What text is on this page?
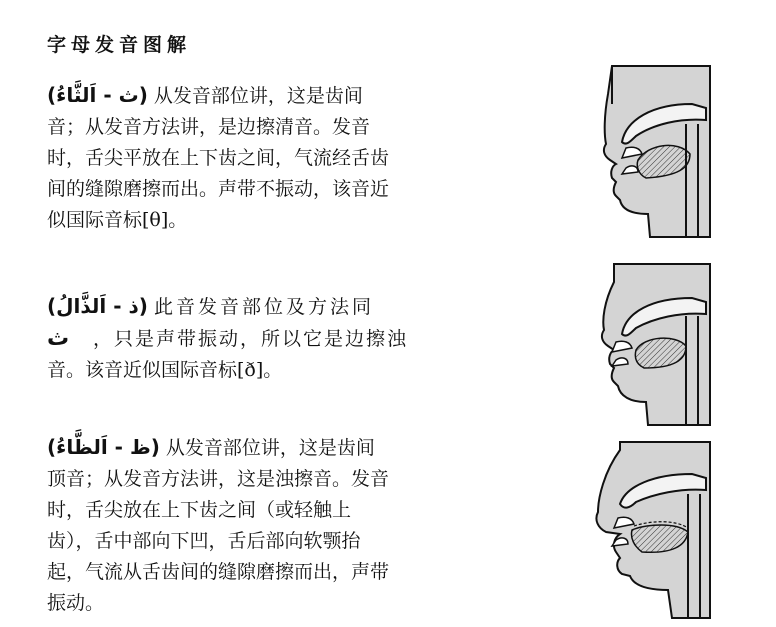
字母发音图解
(ث - اَلثَّاءُ) 从发音部位讲，这是齿间
音；从发音方法讲，是边擦清音。发音
时，舌尖平放在上下齿之间，气流经舌齿
间的缝隙磨擦而出。声带不振动，该音近
似国际音标[θ]。
(ذ - اَلذَّالُ) 此音发音部位及方法同
ث ，只是声带振动，所以它是边擦浊
音。该音近似国际音标[ð]。
(ظ - اَلظَّاءُ) 从发音部位讲，这是齿间
顶音；从发音方法讲，这是浊擦音。发音
时，舌尖放在上下齿之间（或轻触上
齿），舌中部向下凹，舌后部向软颚抬
起，气流从舌齿间的缝隙磨擦而出，声带
振动。
